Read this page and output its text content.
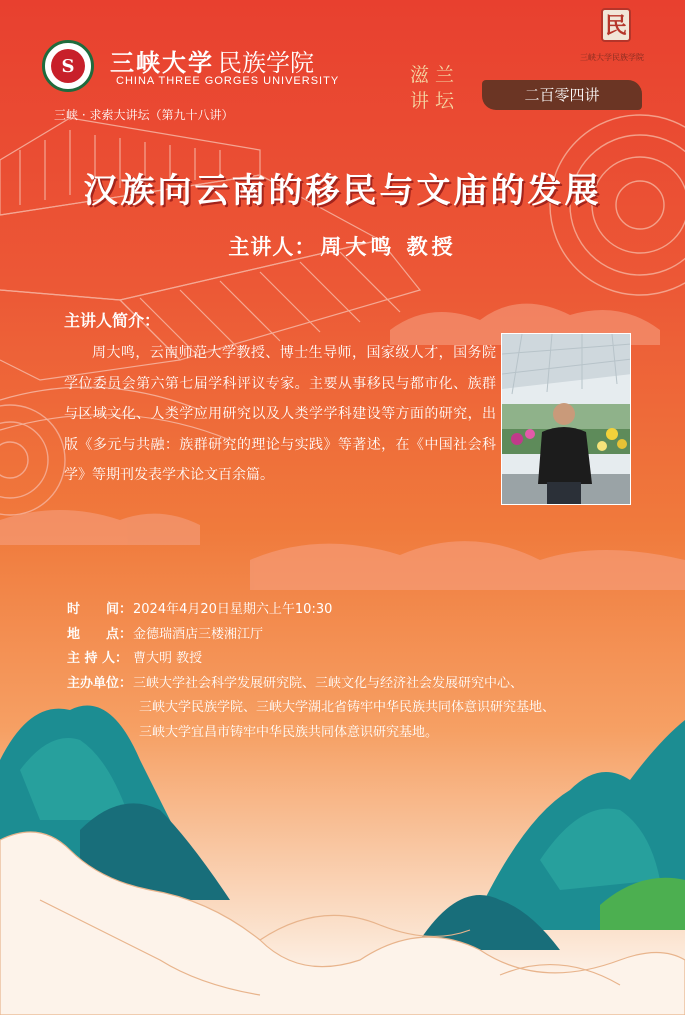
S	三峡大学 民族学院
CHINA THREE GORGES UNIVERSITY
三峡 · 求索大讲坛（第九十八讲）
民
三峡大学民族学院
滋兰
讲坛	二百零四讲
汉族向云南的移民与文庙的发展
主讲人： 周大鸣 教授
主讲人简介：
周大鸣，云南师范大学教授、博士生导师，国家级人才，国务院学位委员会第六第七届学科评议专家。主要从事移民与都市化、族群与区域文化、人类学应用研究以及人类学学科建设等方面的研究，出版《多元与共融：族群研究的理论与实践》等著述，在《中国社会科学》等期刊发表学术论文百余篇。
时　　间： 2024年4月20日星期六上午10:30
地　　点： 金德瑞酒店三楼湘江厅
主 持 人： 曹大明 教授
主办单位： 三峡大学社会科学发展研究院、三峡文化与经济社会发展研究中心、
三峡大学民族学院、三峡大学湖北省铸牢中华民族共同体意识研究基地、
三峡大学宜昌市铸牢中华民族共同体意识研究基地。
